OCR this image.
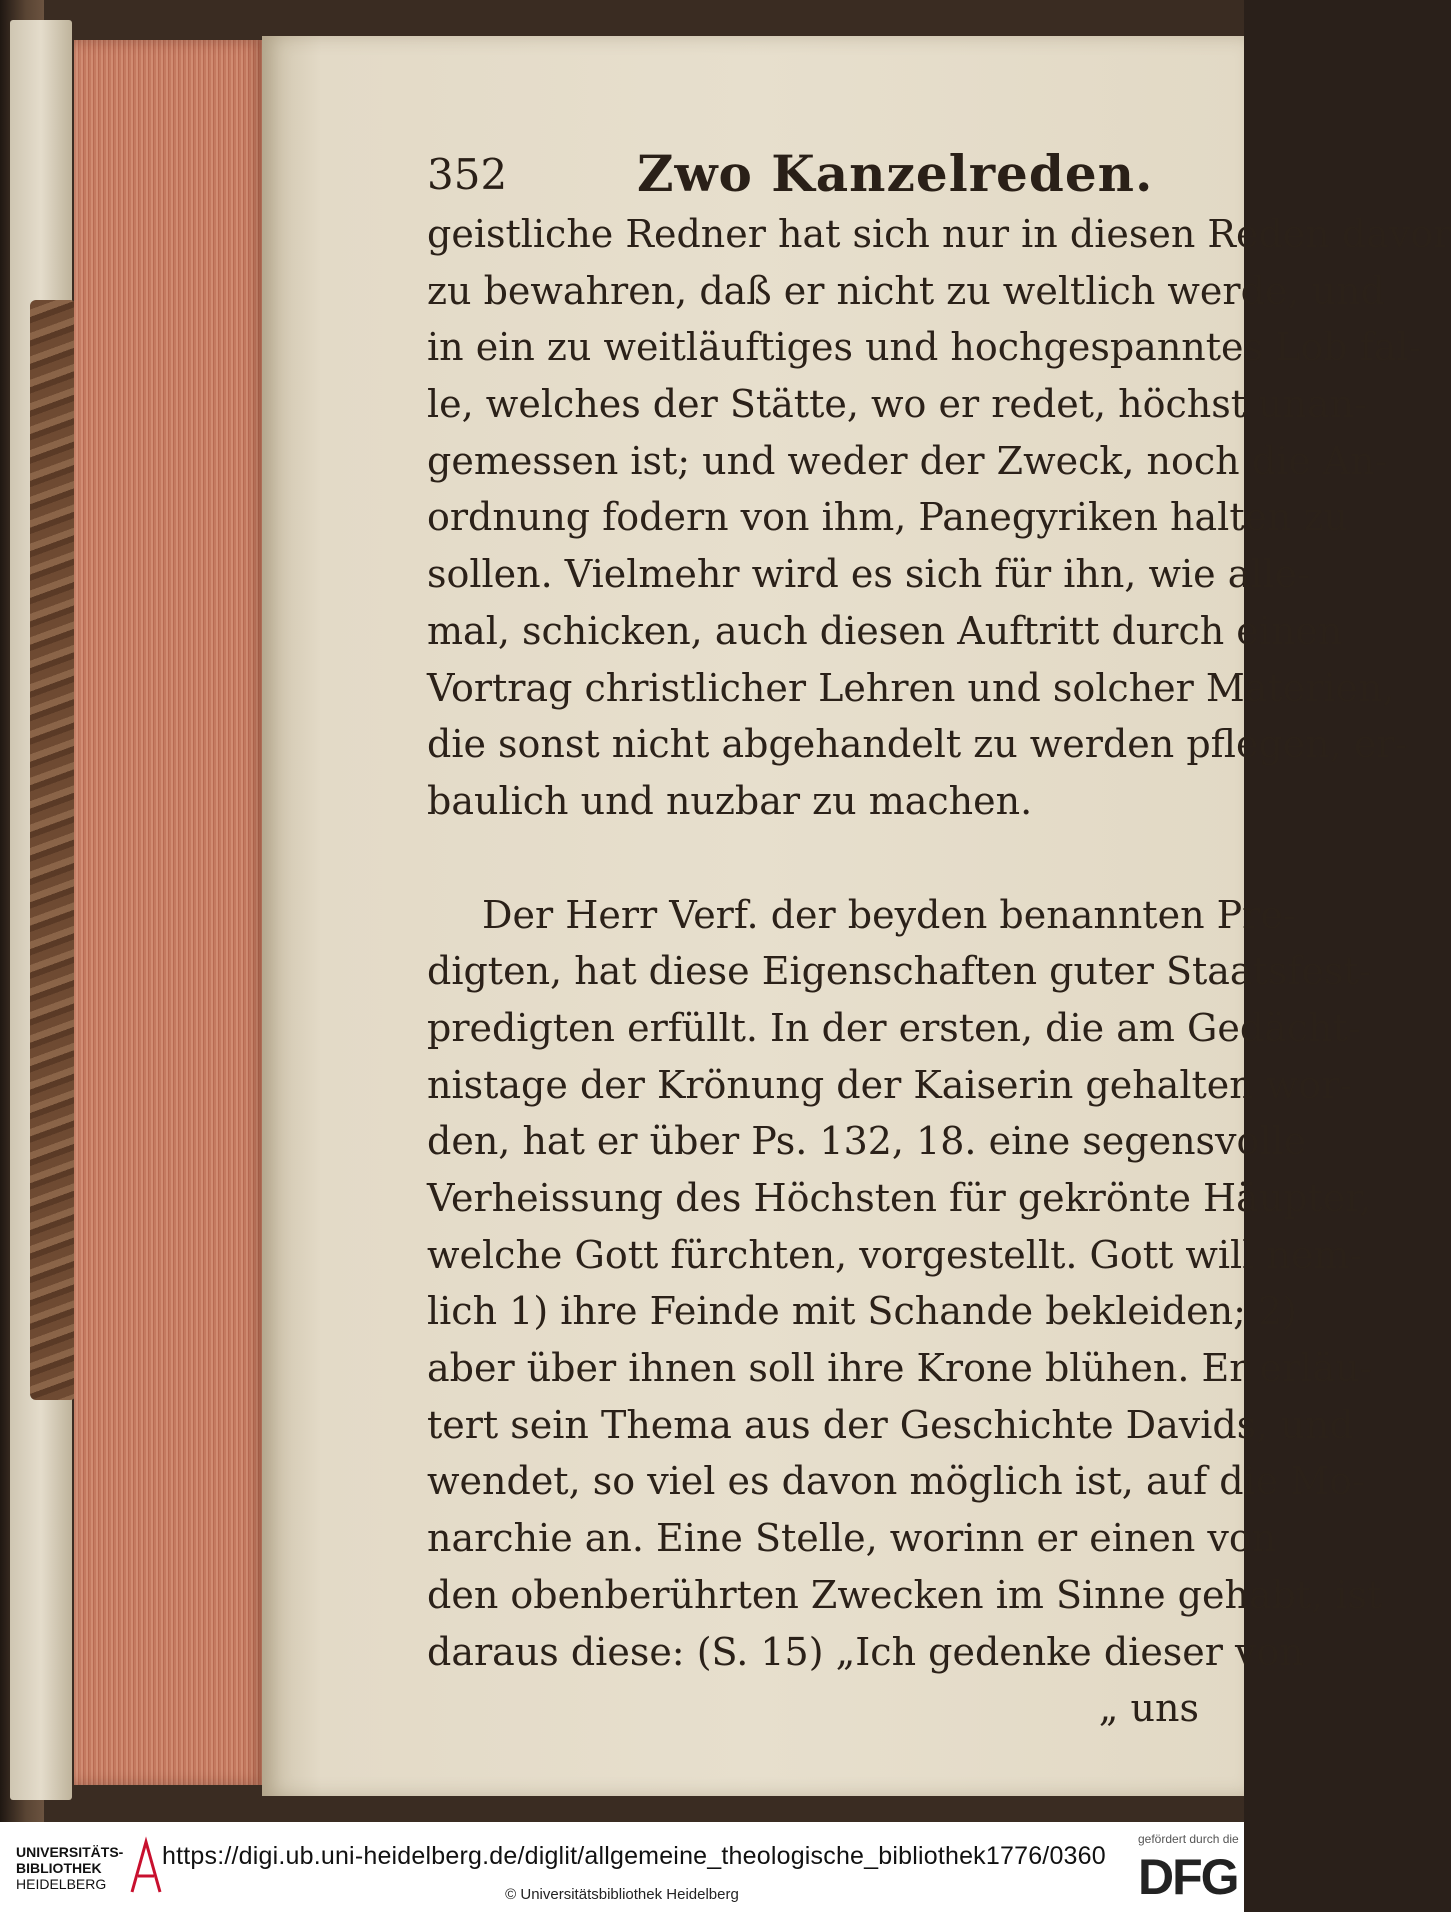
352	Zwo Kanzelreden.
geistliche Redner hat sich nur in diesen Reden davor
zu bewahren, daß er nicht zu weltlich werde, und
in ein zu weitläuftiges und hochgespanntes Lob fal-
le, welches der Stätte, wo er redet, höchst unan-
gemessen ist; und weder der Zweck, noch die An-
ordnung fodern von ihm, Panegyriken halten zu
sollen. Vielmehr wird es sich für ihn, wie alle-
mal, schicken, auch diesen Auftritt durch einen
Vortrag christlicher Lehren und solcher Materien,
die sonst nicht abgehandelt zu werden pflegen, er-
baulich und nuzbar zu machen.
Der Herr Verf. der beyden benannten Pre-
digten, hat diese Eigenschaften guter Staatsfest-
predigten erfüllt. In der ersten, die am Gedächt-
nistage der Krönung der Kaiserin gehalten wor-
den, hat er über Ps. 132, 18. eine segensvolle
Verheissung des Höchsten für gekrönte Häupter,
welche Gott fürchten, vorgestellt. Gott will nem-
lich 1) ihre Feinde mit Schande bekleiden; 2)
aber über ihnen soll ihre Krone blühen. Er erläu-
tert sein Thema aus der Geschichte Davids, und
wendet, so viel es davon möglich ist, auf die Mo-
narchie an. Eine Stelle, worinn er einen von
den obenberührten Zwecken im Sinne gehabt, ist
daraus diese: (S. 15) „Ich gedenke dieser von
„ uns
UNIVERSITÄTS-
BIBLIOTHEK
HEIDELBERG
https://digi.ub.uni-heidelberg.de/diglit/allgemeine_theologische_bibliothek1776/0360
© Universitätsbibliothek Heidelberg
gefördert durch die
DFG
